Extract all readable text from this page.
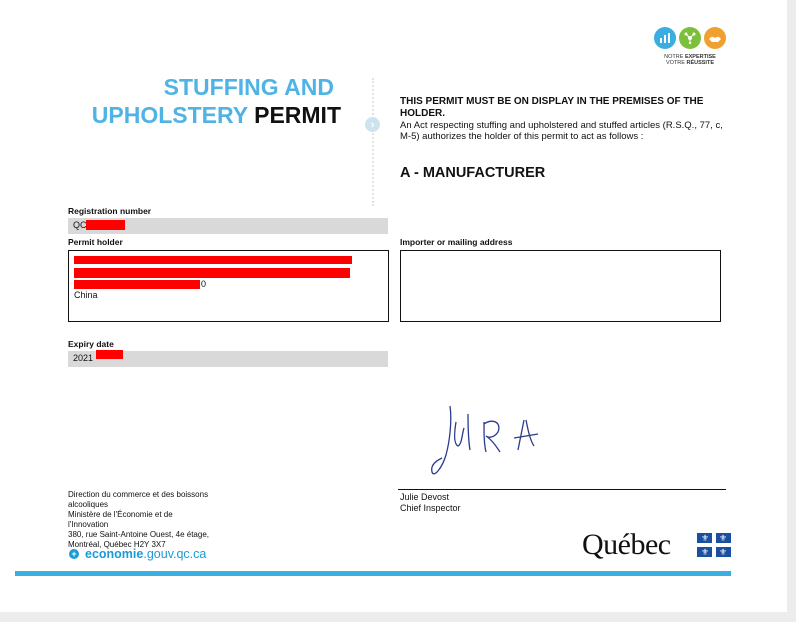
NOTRE EXPERTISE
VOTRE RÉUSSITE
STUFFING AND
UPHOLSTERY PERMIT	›
THIS PERMIT MUST BE ON DISPLAY IN THE PREMISES OF THE HOLDER.
An Act respecting stuffing and upholstered and stuffed articles (R.S.Q., 77, c, M-5) authorizes the holder of this permit to act as follows :
A - MANUFACTURER
Registration number
QC
Permit holder
0
China
Importer or mailing address
Expiry date
2021
Julie Devost
Chief Inspector
Direction du commerce et des boissons
alcooliques
Ministère de l'Économie et de
l'Innovation
380, rue Saint-Antoine Ouest, 4e étage,
Montréal, Québec H2Y 3X7
+ economie.gouv.qc.ca	Québec	⚜ ⚜
⚜ ⚜
